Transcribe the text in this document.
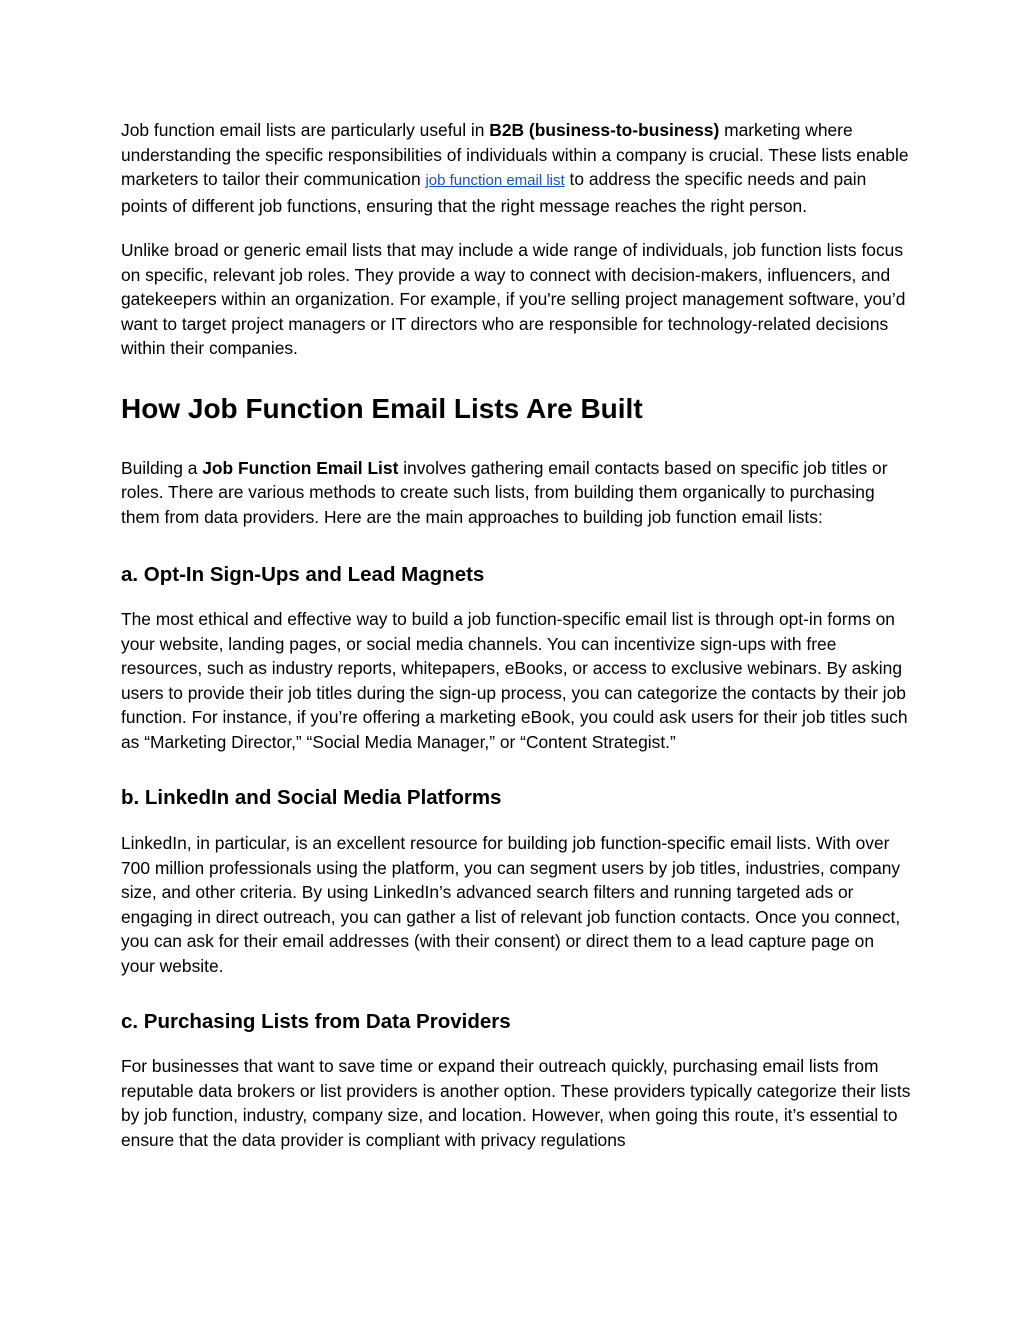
Job function email lists are particularly useful in B2B (business-to-business) marketing where understanding the specific responsibilities of individuals within a company is crucial. These lists enable marketers to tailor their communication job function email list to address the specific needs and pain points of different job functions, ensuring that the right message reaches the right person.

Unlike broad or generic email lists that may include a wide range of individuals, job function lists focus on specific, relevant job roles. They provide a way to connect with decision-makers, influencers, and gatekeepers within an organization. For example, if you're selling project management software, you’d want to target project managers or IT directors who are responsible for technology-related decisions within their companies.

How Job Function Email Lists Are Built

Building a Job Function Email List involves gathering email contacts based on specific job titles or roles. There are various methods to create such lists, from building them organically to purchasing them from data providers. Here are the main approaches to building job function email lists:

a. Opt-In Sign-Ups and Lead Magnets

The most ethical and effective way to build a job function-specific email list is through opt-in forms on your website, landing pages, or social media channels. You can incentivize sign-ups with free resources, such as industry reports, whitepapers, eBooks, or access to exclusive webinars. By asking users to provide their job titles during the sign-up process, you can categorize the contacts by their job function. For instance, if you’re offering a marketing eBook, you could ask users for their job titles such as “Marketing Director,” “Social Media Manager,” or “Content Strategist.”

b. LinkedIn and Social Media Platforms

LinkedIn, in particular, is an excellent resource for building job function-specific email lists. With over 700 million professionals using the platform, you can segment users by job titles, industries, company size, and other criteria. By using LinkedIn’s advanced search filters and running targeted ads or engaging in direct outreach, you can gather a list of relevant job function contacts. Once you connect, you can ask for their email addresses (with their consent) or direct them to a lead capture page on your website.

c. Purchasing Lists from Data Providers

For businesses that want to save time or expand their outreach quickly, purchasing email lists from reputable data brokers or list providers is another option. These providers typically categorize their lists by job function, industry, company size, and location. However, when going this route, it’s essential to ensure that the data provider is compliant with privacy regulations
